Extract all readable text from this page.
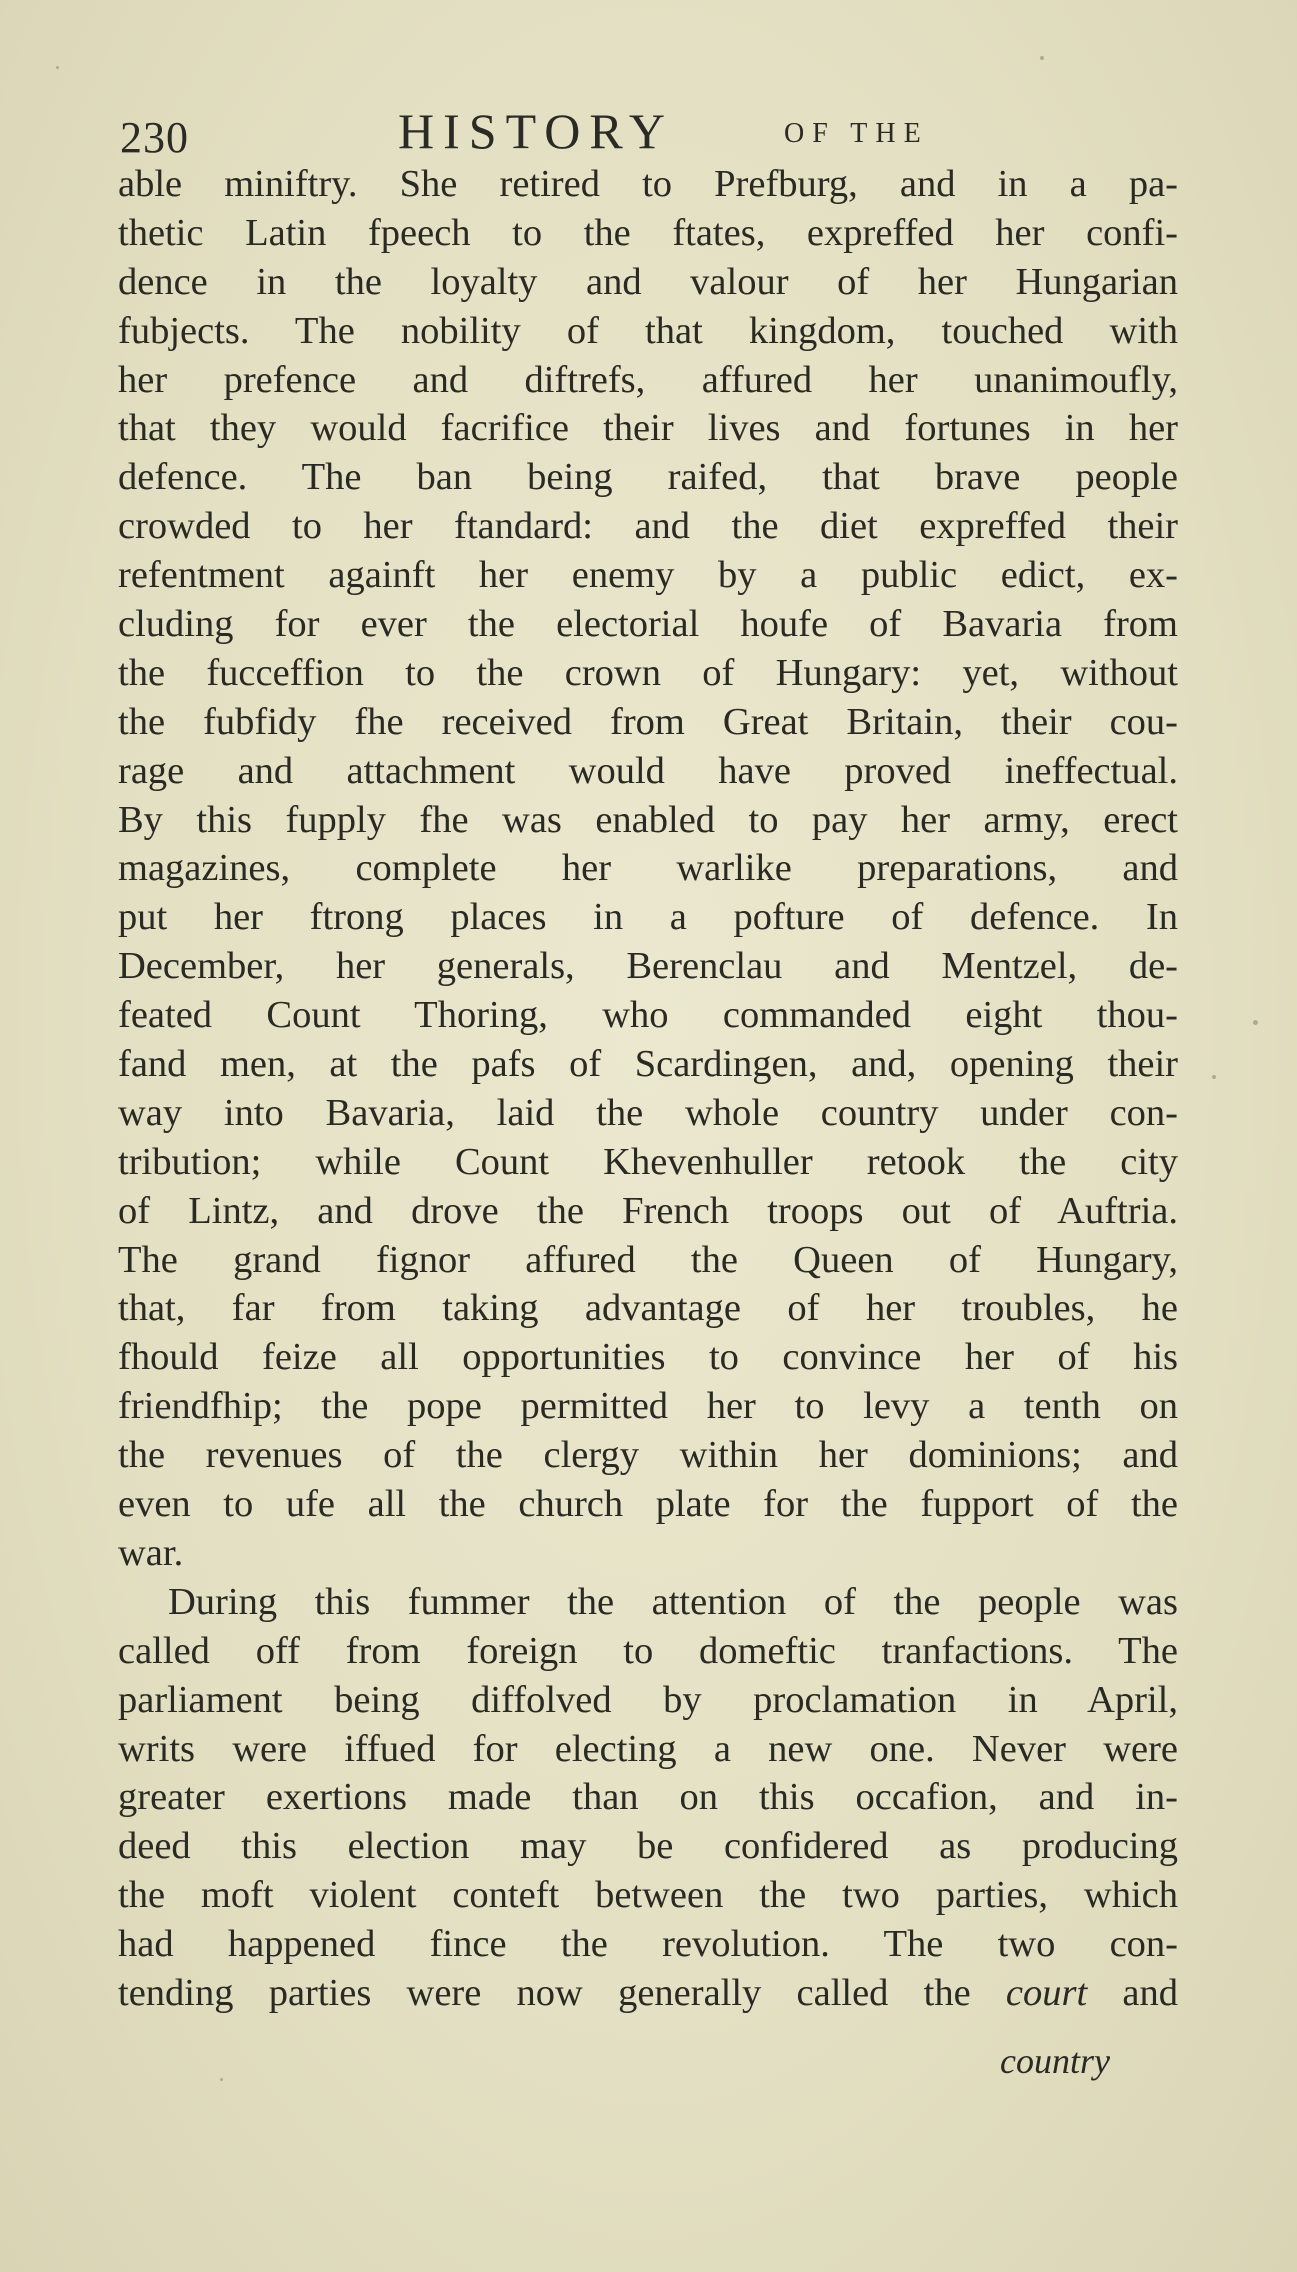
230	HISTORY	OF THE
able miniftry. She retired to Prefburg, and in a pa-
thetic Latin fpeech to the ftates, expreffed her confi-
dence in the loyalty and valour of her Hungarian
fubjects. The nobility of that kingdom, touched with
her prefence and diftrefs, affured her unanimoufly,
that they would facrifice their lives and fortunes in her
defence. The ban being raifed, that brave people
crowded to her ftandard: and the diet expreffed their
refentment againft her enemy by a public edict, ex-
cluding for ever the electorial houfe of Bavaria from
the fucceffion to the crown of Hungary: yet, without
the fubfidy fhe received from Great Britain, their cou-
rage and attachment would have proved ineffectual.
By this fupply fhe was enabled to pay her army, erect
magazines, complete her warlike preparations, and
put her ftrong places in a pofture of defence. In
December, her generals, Berenclau and Mentzel, de-
feated Count Thoring, who commanded eight thou-
fand men, at the pafs of Scardingen, and, opening their
way into Bavaria, laid the whole country under con-
tribution; while Count Khevenhuller retook the city
of Lintz, and drove the French troops out of Auftria.
The grand fignor affured the Queen of Hungary,
that, far from taking advantage of her troubles, he
fhould feize all opportunities to convince her of his
friendfhip; the pope permitted her to levy a tenth on
the revenues of the clergy within her dominions; and
even to ufe all the church plate for the fupport of the
war.
During this fummer the attention of the people was
called off from foreign to domeftic tranfactions. The
parliament being diffolved by proclamation in April,
writs were iffued for electing a new one. Never were
greater exertions made than on this occafion, and in-
deed this election may be confidered as producing
the moft violent conteft between the two parties, which
had happened fince the revolution. The two con-
tending parties were now generally called the court and
country
